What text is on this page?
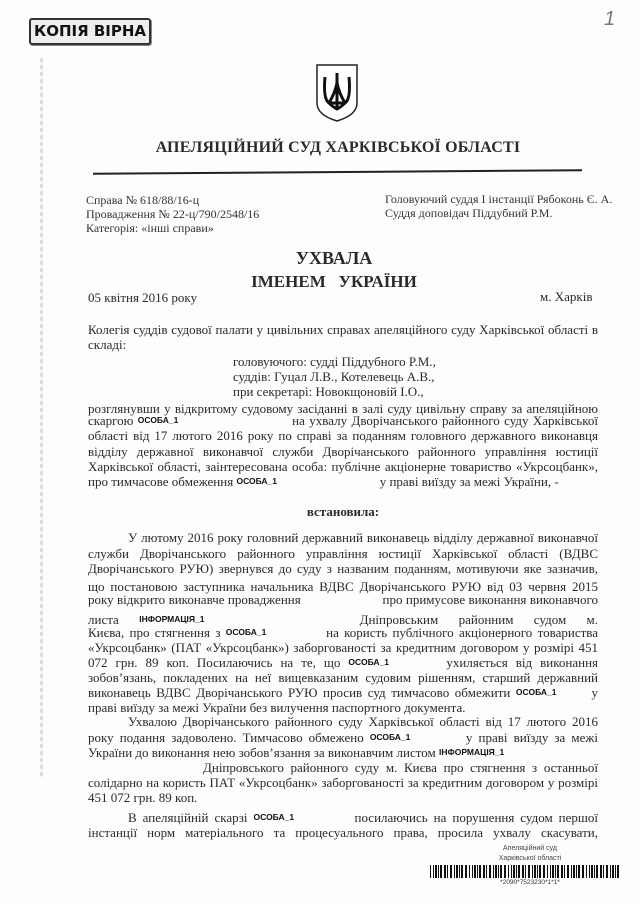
1
КОПІЯ ВІРНА
АПЕЛЯЦІЙНИЙ СУД ХАРКІВСЬКОЇ ОБЛАСТІ
Справа № 618/88/16-ц
Провадження № 22-ц/790/2548/16
Категорія: «інші справи»
Головуючий суддя І інстанції Рябоконь Є. А.
Суддя доповідач Піддубний Р.М.
УХВАЛА
ІМЕНЕМ   УКРАЇНИ
05 квітня 2016 року	м. Харків
Колегія суддів судової палати у цивільних справах апеляційного суду Харківської області в
складі:
головуючого: судді Піддубного Р.М.,
суддів: Гуцал Л.В., Котелевець А.В.,
при секретарі: Новокщоновій І.О.,
розглянувши у відкритому судовому засіданні в залі суду цивільну справу за апеляційною
скаргою ОСОБА_1	на ухвалу Дворічанського районного суду Харківської
області від 17 лютого 2016 року по справі за поданням головного державного виконавця
відділу державної виконавчої служби Дворічанського районного управління юстиції
Харківської області, заінтересована особа: публічне акціонерне товариство «Укрсоцбанк»,
про тимчасове обмеження ОСОБА_1	у праві виїзду за межі України, -
встановила:
У лютому 2016 року головний державний виконавець відділу державної виконавчої
служби Дворічанського районного управління юстиції Харківської області (ВДВС
Дворічанського РУЮ) звернувся до суду з названим поданням, мотивуючи яке зазначив,
що постановою заступника начальника ВДВС Дворічанського РУЮ від 03 червня 2015
року відкрито виконавче провадження	про примусове виконання виконавчого
листа ІНФОРМАЦІЯ_1	Дніпровським районним судом м.
Києва, про стягнення з ОСОБА_1	на користь публічного акціонерного товариства
«Укрсоцбанк» (ПАТ «Укрсоцбанк») заборгованості за кредитним договором у розмірі 451
072 грн. 89 коп. Посилаючись на те, що ОСОБА_1	ухиляється від виконання
зобов’язань, покладених на неї вищевказаним судовим рішенням, старший державний
виконавець ВДВС Дворічанського РУЮ просив суд тимчасово обмежити ОСОБА_1	у
праві виїзду за межі України без вилучення паспортного документа.
Ухвалою Дворічанського районного суду Харківської області від 17 лютого 2016
року подання задоволено. Тимчасово обмежено ОСОБА_1	у праві виїзду за межі
України до виконання нею зобов’язання за виконавчим листом ІНФОРМАЦІЯ_1
Дніпровського районного суду м. Києва про стягнення з останньої
солідарно на користь ПАТ «Укрсоцбанк» заборгованості за кредитним договором у розмірі
451 072 грн. 89 коп.
В апеляційній скарзі ОСОБА_1	посилаючись на порушення судом першої
інстанції норм матеріального та процесуального права, просила ухвалу скасувати,
Апеляційний суд
Харківської області
*2090*7523230*1*1*
